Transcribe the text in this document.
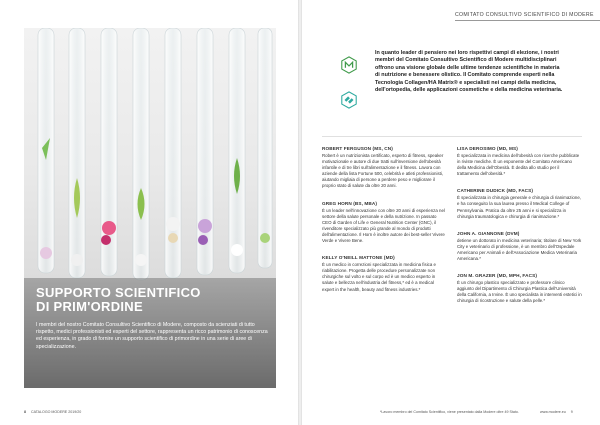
SUPPORTO SCIENTIFICO
DI PRIM'ORDINE

I membri del nostro Comitato Consultivo Scientifico di Modere, composto da scienziati di tutto rispetto, medici professionisti ed esperti del settore, rappresenta un ricco patrimonio di conoscenza ed esperienza, in grado di fornire un supporto scientifico di primordine in una serie di aree di specializzazione.

8 CATALOGO MODERE 2019/20
COMITATO CONSULTIVO SCIENTIFICO DI MODERE

In quanto leader di pensiero nei loro rispettivi campi di elezione, i nostri membri del Comitato Consultivo Scientifico di Modere multidisciplinari offrono una visione globale delle ultime tendenze scientifiche in materia di nutrizione e benessere olistico. Il Comitato comprende esperti nella Tecnologia Collagen/HA Matrix® e specialisti nei campi della medicina, dell'ortopedia, delle applicazioni cosmetiche e della medicina veterinaria.

ROBERT FERGUSON (MS, CN)

Robert è un nutrizionista certificato, esperto di fitness, speaker motivazionale e autore di due tratti sull'inversione dell'obesità infantile e di tre libri sull'alimentazione e il fitness. Lavora con aziende della lista Fortune 500, celebrità e atleti professionisti, aiutando migliaia di persone a perdere peso e migliorare il proprio stato di salute da oltre 20 anni.

GREG HORN (BS, MBA)

È un leader nell'innovazione con oltre 20 anni di esperienza nel settore della salute personale e della nutrizione. In passato CEO di Garden of Life e General Nutrition Center (GNC), il rivenditore specializzato più grande al mondo di prodotti dell'alimentazione. Il Horn è inoltre autore dei best-seller Vivere Verde e Vivere Bene.

KELLY O'NEILL MATTONE (MD)

È un medico in correzioni specializzata in medicina fisica e riabilitazione. Progetta delle procedure personalizzate non chirurgiche sul volto e sul corpo ed è un medico esperto in salute e bellezza nell'industria del fitness,* ed è a medical expert in the health, beauty and fitness industries.*

LISA DEROSIMO (MD, MS)

È specializzata in medicina dell'obesità con ricerche pubblicate in riviste mediche. È un esponente del Comitato Americano della Medicina dell'Obesità. È dedita allo studio per il trattamento dell'obesità.*

CATHERINE DUDICK (MD, FACS)

È specializzata in chirurgia generale e chirurgia di rianimazione, e ha conseguito la sua laurea presso il Medical College of Pennsylvania. Pratica da oltre 25 anni e si specializza in chirurgia traumatologica e chirurgia di rianimazione.*

JOHN A. GIANNONE (DVM)

detiene un dottorato in medicina veterinaria; titolare di New York City e veterinario di professione, è un membro dell'Ospedale Americano per Animali e dell'Associazione Medica Veterinaria Americana.*

JON M. GRAZER (MD, MPH, FACS)

È un chirurgo plastico specializzato e professore clinico aggiunto del Dipartimento di Chirurgia Plastica dell'Università della California, a Irvine. È uno specialista in interventi estetici in chirurgia di ricostruzione e salute della pelle.*

*Lavoro membro del Comitato Scientifico, viene presentato dalla Modere oltre 49 Stato.	www.modere.eu 9
